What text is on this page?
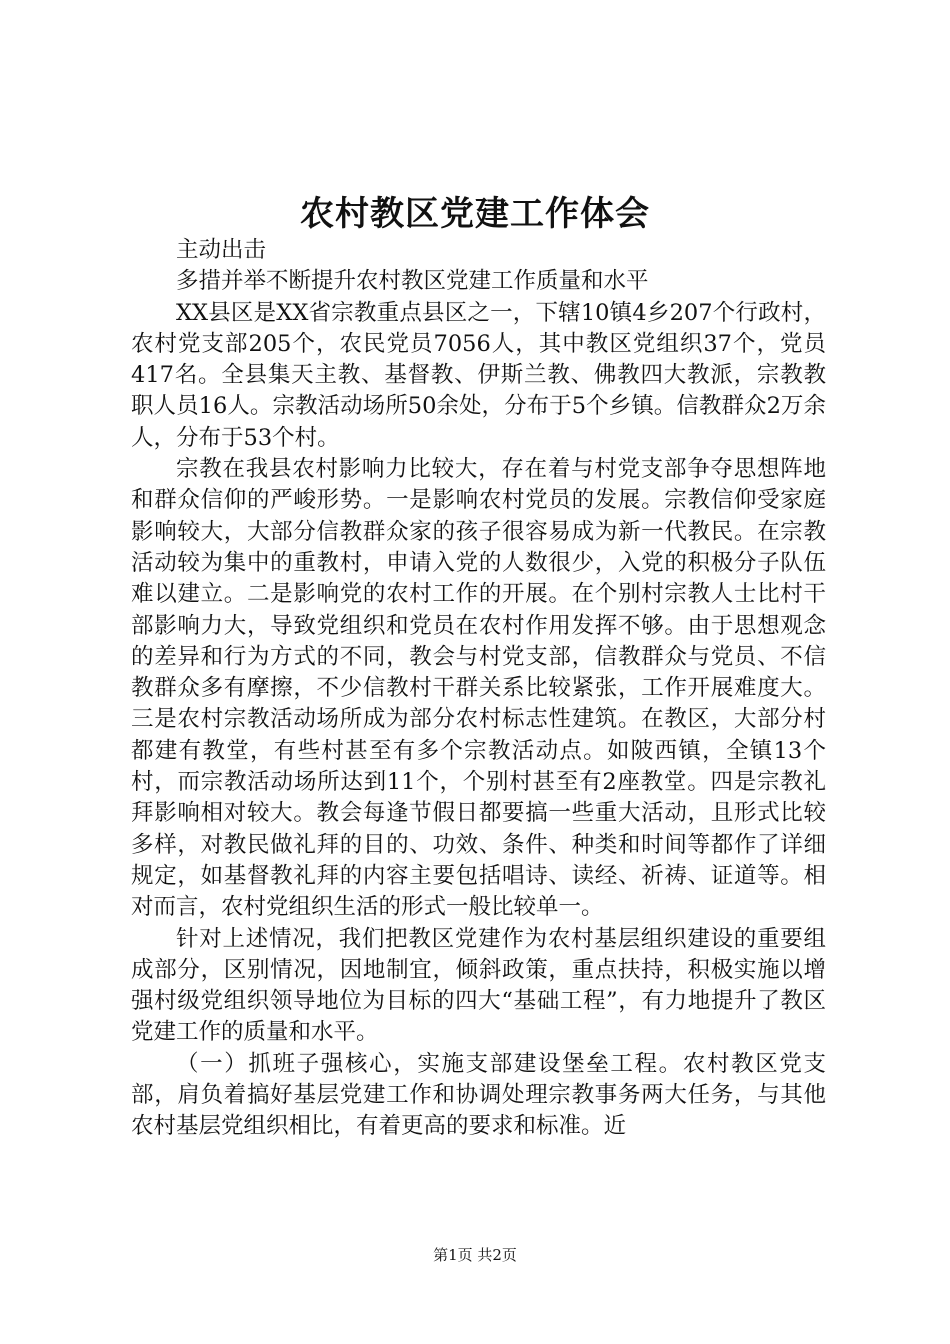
农村教区党建工作体会

主动出击

多措并举不断提升农村教区党建工作质量和水平

XX县区是XX省宗教重点县区之一，下辖10镇4乡207个行政村，农村党支部205个，农民党员7056人，其中教区党组织37个，党员417名。全县集天主教、基督教、伊斯兰教、佛教四大教派，宗教教职人员16人。宗教活动场所50余处，分布于5个乡镇。信教群众2万余人，分布于53个村。

宗教在我县农村影响力比较大，存在着与村党支部争夺思想阵地和群众信仰的严峻形势。一是影响农村党员的发展。宗教信仰受家庭影响较大，大部分信教群众家的孩子很容易成为新一代教民。在宗教活动较为集中的重教村，申请入党的人数很少，入党的积极分子队伍难以建立。二是影响党的农村工作的开展。在个别村宗教人士比村干部影响力大，导致党组织和党员在农村作用发挥不够。由于思想观念的差异和行为方式的不同，教会与村党支部，信教群众与党员、不信教群众多有摩擦，不少信教村干群关系比较紧张，工作开展难度大。三是农村宗教活动场所成为部分农村标志性建筑。在教区，大部分村都建有教堂，有些村甚至有多个宗教活动点。如陂西镇，全镇13个村，而宗教活动场所达到11个，个别村甚至有2座教堂。四是宗教礼拜影响相对较大。教会每逢节假日都要搞一些重大活动，且形式比较多样，对教民做礼拜的目的、功效、条件、种类和时间等都作了详细规定，如基督教礼拜的内容主要包括唱诗、读经、祈祷、证道等。相对而言，农村党组织生活的形式一般比较单一。

针对上述情况，我们把教区党建作为农村基层组织建设的重要组成部分，区别情况，因地制宜，倾斜政策，重点扶持，积极实施以增强村级党组织领导地位为目标的四大“基础工程”，有力地提升了教区党建工作的质量和水平。

（一）抓班子强核心，实施支部建设堡垒工程。农村教区党支部，肩负着搞好基层党建工作和协调处理宗教事务两大任务，与其他农村基层党组织相比，有着更高的要求和标准。近

第1页 共2页
